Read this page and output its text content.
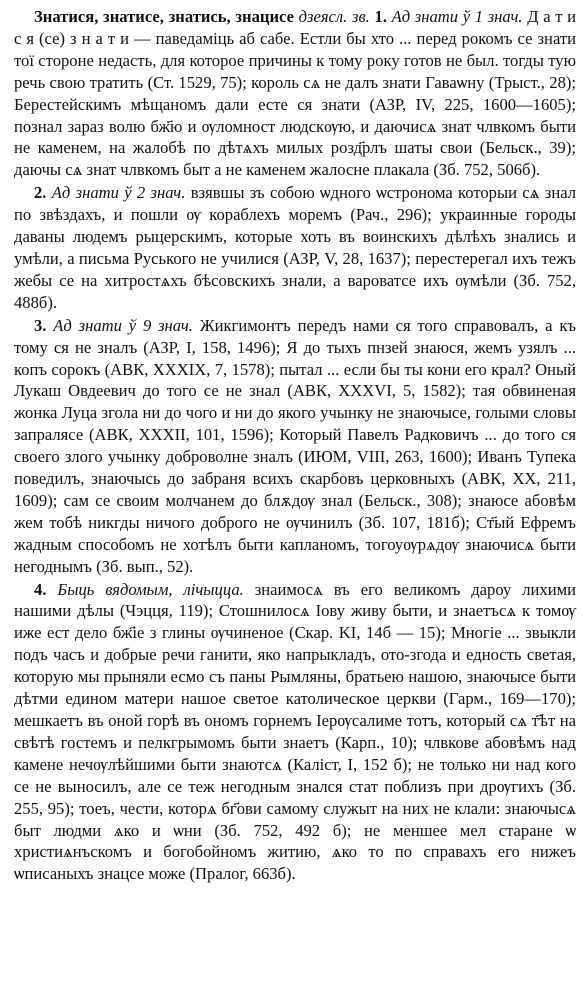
Знатися, знатисе, знатись, знацисе дзеясл. зв. 1. Ад знати ў 1 знач. Д а т и с я (се) з н а т и — паведаміць аб сабе. Естли бы хто ... перед рокомъ се знати тої стороне недасть, для которое причины к тому року готов не был. тогды тую речь свою тратить (Ст. 1529, 75); король сѧ не далъ знати Гаваѡну (Трыст., 28); Берестейскимъ мѣщаномъ дали есте ся знати (АЗР, IV, 225, 1600—1605); познал зараз волю бж҃ю и ѹломност людскѹю, и даючисѧ знат члвкомъ быти не каменем, на жалобѣ по дѣтѧхъ милых розд҃рлъ шаты свои (Бельск., 39); даючы сѧ знат члвкомъ быт а не каменем жалосне плакала (Зб. 752, 506б).

2. Ад знати ў 2 знач. взявшы зъ собою ѡдного ѡстронома которыи сѧ знал по звѣздахъ, и пошли ѹ кораблехъ моремъ (Рач., 296); украинные городы даваны людемъ рыцерскимъ, которые хоть въ воинскихъ дѣлѣхъ знались и умѣли, а письма Руського не училися (АЗР, V, 28, 1637); перестерегал ихъ тежъ жебы се на хитростѧхъ бѣсовскихъ знали, а вароватсе ихъ ѹмѣли (Зб. 752, 488б).

3. Ад знати ў 9 знач. Жикгимонтъ передъ нами ся того справовалъ, а къ тому ся не зналъ (АЗР, I, 158, 1496); Я до тыхъ пнзей знаюся, жемъ узялъ ... копъ сорокъ (АВК, XXXIX, 7, 1578); пытал ... если бы ты кони его крал? Оный Лукаш Овдеевич до того се не знал (АВК, XXXVI, 5, 1582); тая обвиненая жонка Луца згола ни до чого и ни до якого учынку не знаючысе, голыми словы запралясе (АВК, XXXII, 101, 1596); Который Павелъ Радковичъ ... до того ся своего злого учынку доброволне зналъ (ИЮМ, VIII, 263, 1600); Иванъ Тупека поведилъ, знаючысь до забраня всихъ скарбовъ церковныхъ (АВК, XX, 211, 1609); сам се своим молчанем до блѫдѹ знал (Бельск., 308); знаюсе абовѣм жем тобѣ никгды ничого доброго не ѹчинилъ (Зб. 107, 181б); Ст҃ый Ефремъ жадным способомъ не хотѣлъ быти капланомъ, тогоуѹрѧдѹ знаючисѧ быти негоднымъ (Зб. вып., 52).

4. Быць вядомым, лічыцца. знаимосѧ въ его великомъ дароу лихими нашими дѣлы (Чэцця, 119); Стошнилосѧ Іову живу быти, и знаетъсѧ к томѹ иже ест дело бж҃іе з глины ѹчиненое (Скар. KI, 14б — 15); Многіе ... звыкли подъ часъ и добрые речи ганити, яко напрыкладъ, ото-згода и едность светая, которую мы прыняли есмо съ паны Рымляны, братьею нашою, знаючысе быти дѣтми едином матери нашое светое католическое церкви (Гарм., 169—170); мешкаетъ въ оной горѣ въ ономъ горнемъ Іерѹсалиме тотъ, который сѧ т҃ѣт на свѣтѣ гостемъ и пелкгрымомъ быти знаетъ (Карп., 10); члвкове абовѣмъ над камене нечѹлѣйшими быти знаютсѧ (Каліст, I, 152 б); не только ни над кого се не выносилъ, але се теж негодным знался стат поблизъ при дрѹгихъ (Зб. 255, 95); тоеъ, чести, которѧ бг҃ови самому служыт на них не клали: знаючысѧ быт людми ѧко и ѡни (Зб. 752, 492 б); не меншее мел старане ѡ христиѧнъскомъ и богобойномъ житию, ѧко то по справахъ его нижеъ ѡписаныхъ знацсе може (Пралог, 663б).
